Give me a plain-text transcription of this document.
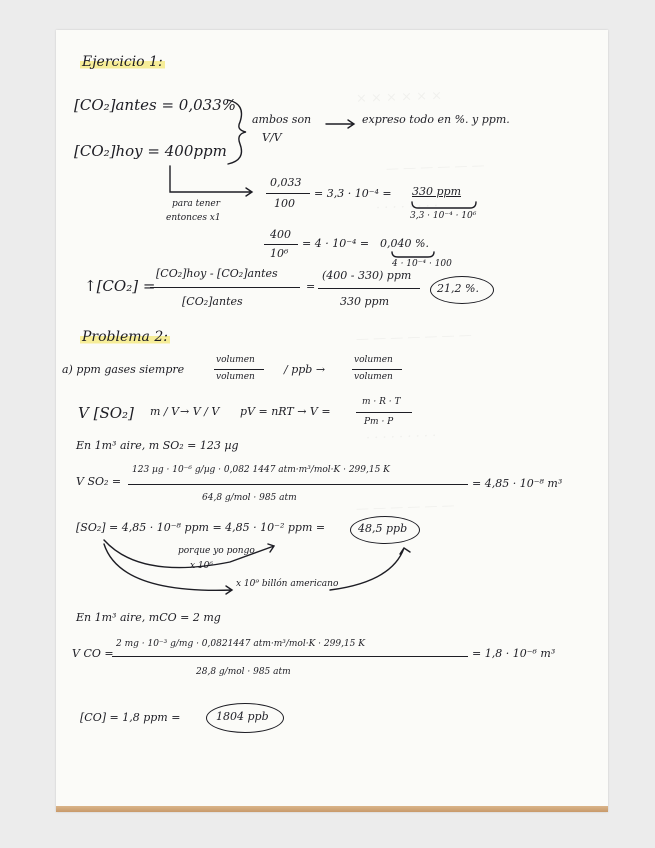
× × × × × ×
— — — — — —
· · · · · · · ·
— — — — — — —
· · · · · · · · ·
— — — — — —
Ejercicio 1:
[CO₂]antes = 0,033%
[CO₂]hoy = 400ppm
ambos son
V/V
expreso todo en %. y ppm.
para tener
entonces x1
0,033
100
= 3,3 · 10⁻⁴ = 330 ppm
3,3 · 10⁻⁴ · 10⁶
400
10⁶
= 4 · 10⁻⁴ = 0,040 %.
4 · 10⁻⁴ · 100
↑[CO₂] =
[CO₂]hoy - [CO₂]antes
[CO₂]antes
=
(400 - 330) ppm
330 ppm
21,2 %.
Problema 2:
a) ppm gases siempre
volumen
volumen
/ ppb →
volumen
volumen
V [SO₂] m / V → V / V pV = nRT → V =
m · R · T
Pm · P
En 1m³ aire, m SO₂ = 123 µg
V SO₂ =
123 µg · 10⁻⁶ g/µg · 0,082 1447 atm·m³/mol·K · 299,15 K
64,8 g/mol · 985 atm
= 4,85 · 10⁻⁸ m³
[SO₂] = 4,85 · 10⁻⁸ ppm = 4,85 · 10⁻² ppm =	48,5 ppb
porque yo pongo
x 10⁶
x 10⁹ billón americano
En 1m³ aire, mCO = 2 mg
V CO =
2 mg · 10⁻³ g/mg · 0,0821447 atm·m³/mol·K · 299,15 K
28,8 g/mol · 985 atm
= 1,8 · 10⁻⁶ m³
[CO] = 1,8 ppm =	1804 ppb
